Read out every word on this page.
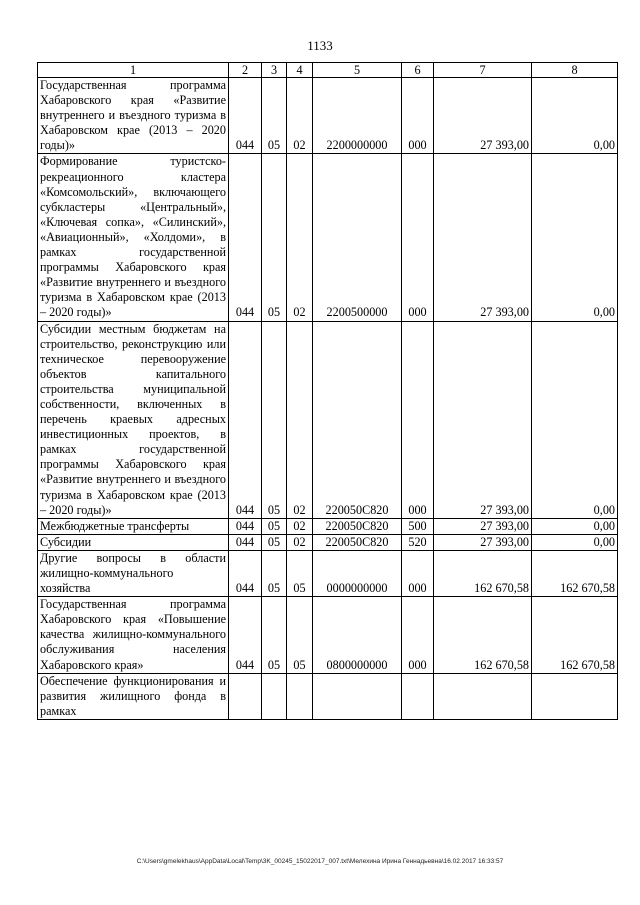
1133
1	2	3	4	5	6	7	8
Государственная программа Хабаровского края «Развитие внутреннего и въездного туризма в Хабаровском крае (2013 – 2020 годы)»	044	05	02	2200000000	000	27 393,00	0,00
Формирование туристско-рекреационного кластера «Комсомольский», включающего субкластеры «Центральный», «Ключевая сопка», «Силинский», «Авиационный», «Холдоми», в рамках государственной программы Хабаровского края «Развитие внутреннего и въездного туризма в Хабаровском крае (2013 – 2020 годы)»	044	05	02	2200500000	000	27 393,00	0,00
Субсидии местным бюджетам на строительство, реконструкцию или техническое перевооружение объектов капитального строительства муниципальной собственности, включенных в перечень краевых адресных инвестиционных проектов, в рамках государственной программы Хабаровского края «Развитие внутреннего и въездного туризма в Хабаровском крае (2013 – 2020 годы)»	044	05	02	220050С820	000	27 393,00	0,00
Межбюджетные трансферты	044	05	02	220050С820	500	27 393,00	0,00
Субсидии	044	05	02	220050С820	520	27 393,00	0,00
Другие вопросы в области жилищно-коммунального хозяйства	044	05	05	0000000000	000	162 670,58	162 670,58
Государственная программа Хабаровского края «Повышение качества жилищно-коммунального обслуживания населения Хабаровского края»	044	05	05	0800000000	000	162 670,58	162 670,58
Обеспечение функционирования и развития жилищного фонда в рамках							
C:\Users\gmelekhaus\AppData\Local\Temp\3K_00245_15022017_007.txt\Мелехина Ирина Геннадьевна\16.02.2017 16:33:57
